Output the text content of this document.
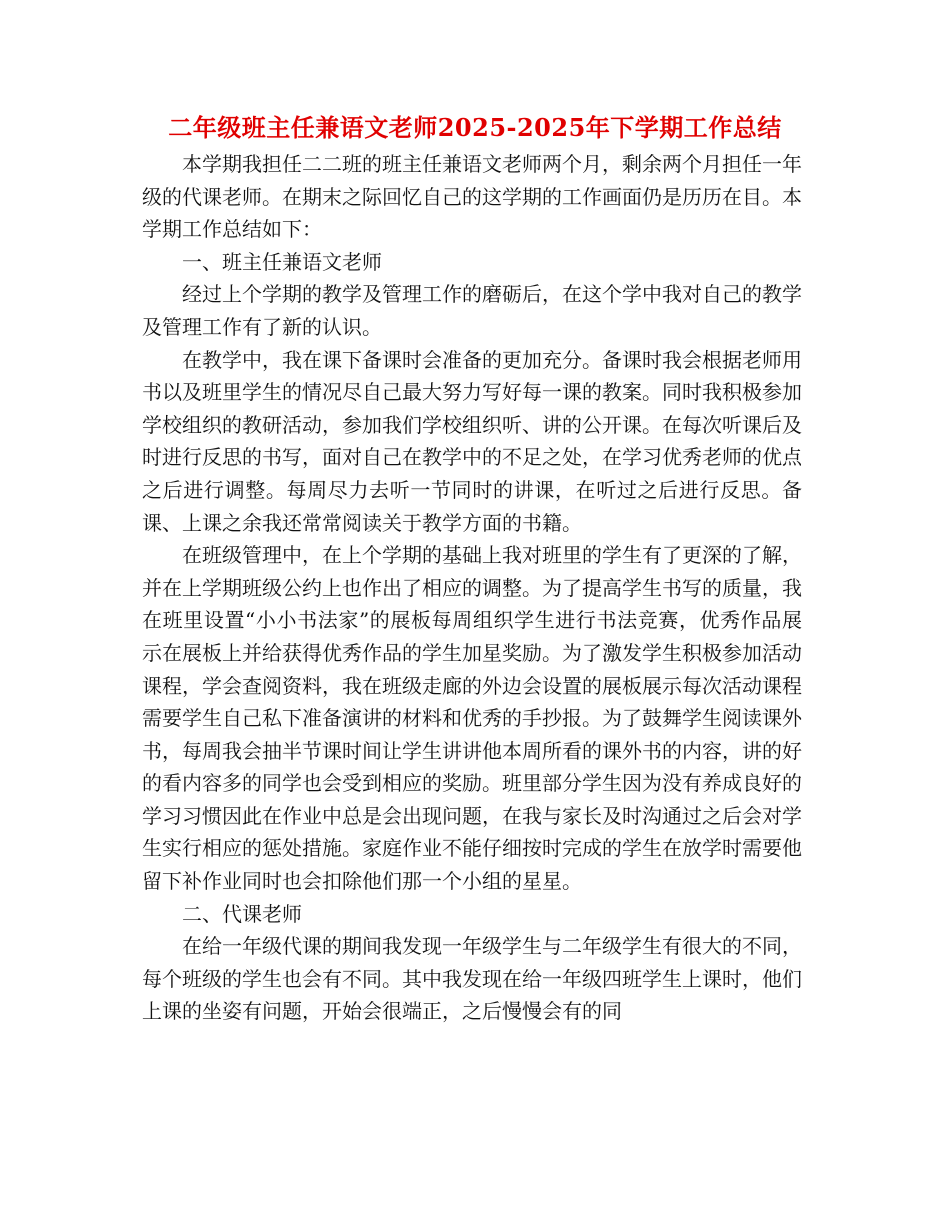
二年级班主任兼语文老师2025-2025年下学期工作总结

本学期我担任二二班的班主任兼语文老师两个月，剩余两个月担任一年级的代课老师。在期末之际回忆自己的这学期的工作画面仍是历历在目。本学期工作总结如下：

一、班主任兼语文老师

经过上个学期的教学及管理工作的磨砺后，在这个学中我对自己的教学及管理工作有了新的认识。

在教学中，我在课下备课时会准备的更加充分。备课时我会根据老师用书以及班里学生的情况尽自己最大努力写好每一课的教案。同时我积极参加学校组织的教研活动，参加我们学校组织听、讲的公开课。在每次听课后及时进行反思的书写，面对自己在教学中的不足之处，在学习优秀老师的优点之后进行调整。每周尽力去听一节同时的讲课，在听过之后进行反思。备课、上课之余我还常常阅读关于教学方面的书籍。

在班级管理中，在上个学期的基础上我对班里的学生有了更深的了解，并在上学期班级公约上也作出了相应的调整。为了提高学生书写的质量，我在班里设置“小小书法家”的展板每周组织学生进行书法竞赛，优秀作品展示在展板上并给获得优秀作品的学生加星奖励。为了激发学生积极参加活动课程，学会查阅资料，我在班级走廊的外边会设置的展板展示每次活动课程需要学生自己私下准备演讲的材料和优秀的手抄报。为了鼓舞学生阅读课外书，每周我会抽半节课时间让学生讲讲他本周所看的课外书的内容，讲的好的看内容多的同学也会受到相应的奖励。班里部分学生因为没有养成良好的学习习惯因此在作业中总是会出现问题，在我与家长及时沟通过之后会对学生实行相应的惩处措施。家庭作业不能仔细按时完成的学生在放学时需要他留下补作业同时也会扣除他们那一个小组的星星。

二、代课老师

在给一年级代课的期间我发现一年级学生与二年级学生有很大的不同，每个班级的学生也会有不同。其中我发现在给一年级四班学生上课时，他们上课的坐姿有问题，开始会很端正，之后慢慢会有的同
